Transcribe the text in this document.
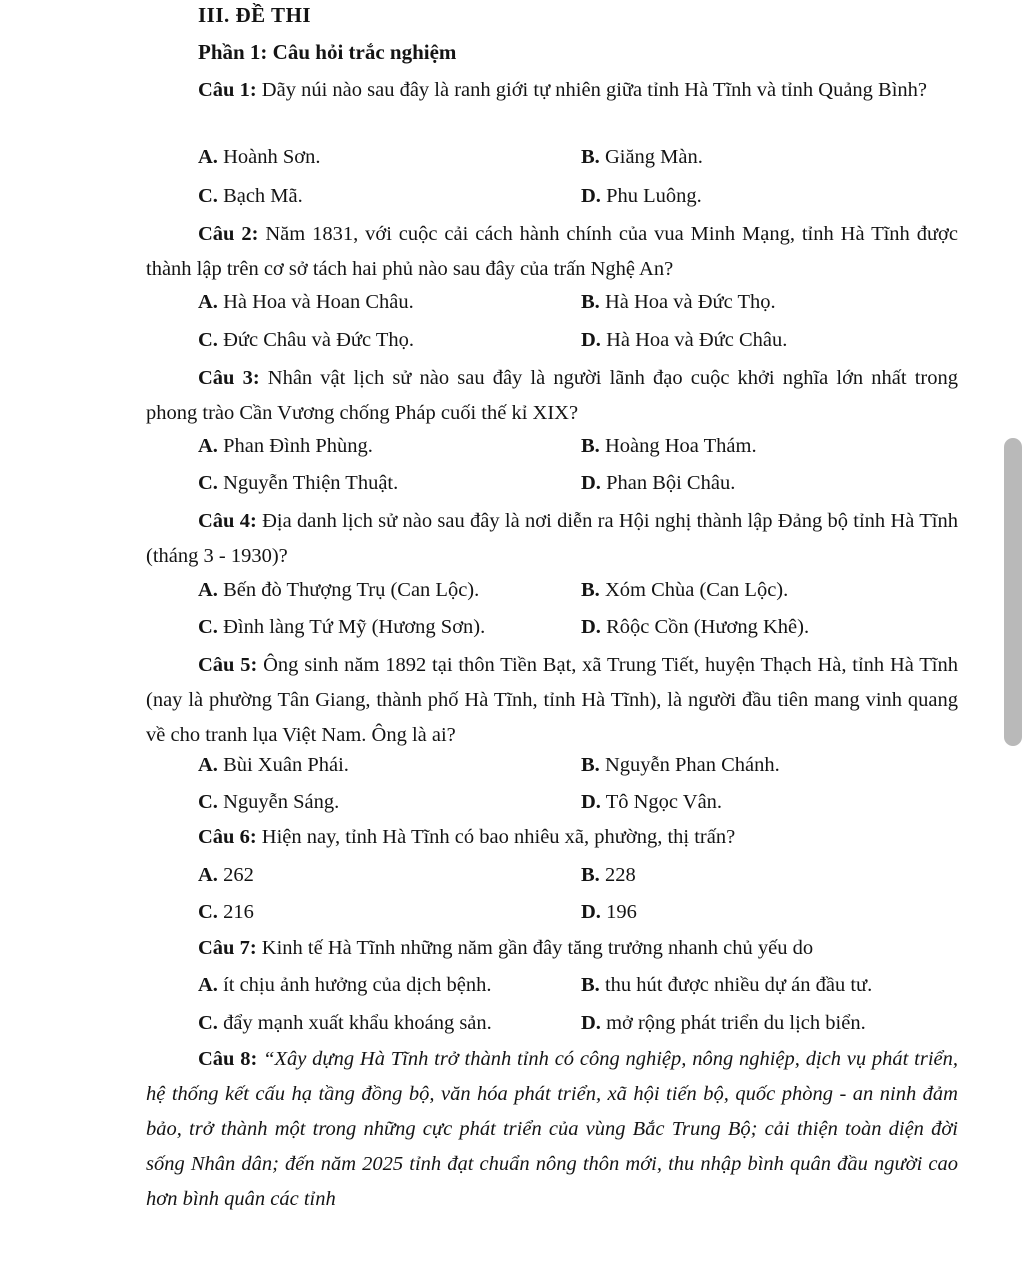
III. ĐỀ THI
Phần 1: Câu hỏi trắc nghiệm
Câu 1: Dãy núi nào sau đây là ranh giới tự nhiên giữa tỉnh Hà Tĩnh và tỉnh Quảng Bình?
A. Hoành Sơn.	B. Giăng Màn.
C. Bạch Mã.	D. Phu Luông.
Câu 2: Năm 1831, với cuộc cải cách hành chính của vua Minh Mạng, tỉnh Hà Tĩnh được thành lập trên cơ sở tách hai phủ nào sau đây của trấn Nghệ An?
A. Hà Hoa và Hoan Châu.	B. Hà Hoa và Đức Thọ.
C. Đức Châu và Đức Thọ.	D. Hà Hoa và Đức Châu.
Câu 3: Nhân vật lịch sử nào sau đây là người lãnh đạo cuộc khởi nghĩa lớn nhất trong phong trào Cần Vương chống Pháp cuối thế kỉ XIX?
A. Phan Đình Phùng.	B. Hoàng Hoa Thám.
C. Nguyễn Thiện Thuật.	D. Phan Bội Châu.
Câu 4: Địa danh lịch sử nào sau đây là nơi diễn ra Hội nghị thành lập Đảng bộ tỉnh Hà Tĩnh (tháng 3 - 1930)?
A. Bến đò Thượng Trụ (Can Lộc).	B. Xóm Chùa (Can Lộc).
C. Đình làng Tứ Mỹ (Hương Sơn).	D. Rôộc Cồn (Hương Khê).
Câu 5: Ông sinh năm 1892 tại thôn Tiền Bạt, xã Trung Tiết, huyện Thạch Hà, tỉnh Hà Tĩnh (nay là phường Tân Giang, thành phố Hà Tĩnh, tỉnh Hà Tĩnh), là người đầu tiên mang vinh quang về cho tranh lụa Việt Nam. Ông là ai?
A. Bùi Xuân Phái.	B. Nguyễn Phan Chánh.
C. Nguyễn Sáng.	D. Tô Ngọc Vân.
Câu 6: Hiện nay, tỉnh Hà Tĩnh có bao nhiêu xã, phường, thị trấn?
A. 262	B. 228
C. 216	D. 196
Câu 7: Kinh tế Hà Tĩnh những năm gần đây tăng trưởng nhanh chủ yếu do
A. ít chịu ảnh hưởng của dịch bệnh.	B. thu hút được nhiều dự án đầu tư.
C. đẩy mạnh xuất khẩu khoáng sản.	D. mở rộng phát triển du lịch biển.
Câu 8: “Xây dựng Hà Tĩnh trở thành tỉnh có công nghiệp, nông nghiệp, dịch vụ phát triển, hệ thống kết cấu hạ tầng đồng bộ, văn hóa phát triển, xã hội tiến bộ, quốc phòng - an ninh đảm bảo, trở thành một trong những cực phát triển của vùng Bắc Trung Bộ; cải thiện toàn diện đời sống Nhân dân; đến năm 2025 tỉnh đạt chuẩn nông thôn mới, thu nhập bình quân đầu người cao hơn bình quân các tỉnh
